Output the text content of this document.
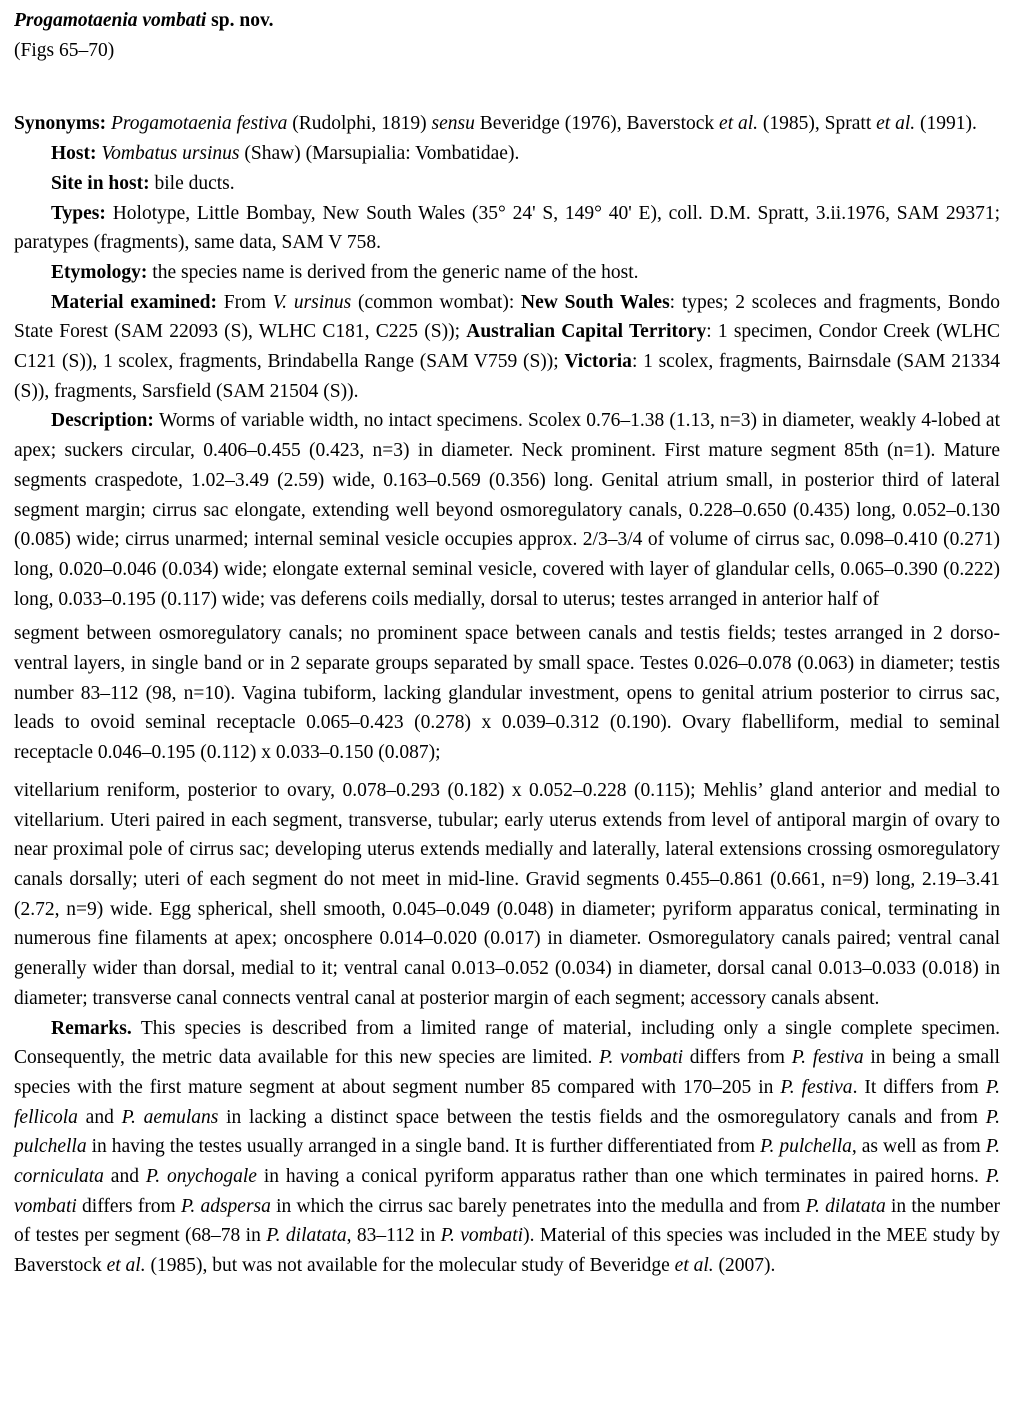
Progamotaenia vombati sp. nov.

(Figs 65–70)

Synonyms: Progamotaenia festiva (Rudolphi, 1819) sensu Beveridge (1976), Baverstock et al. (1985), Spratt et al. (1991).

Host: Vombatus ursinus (Shaw) (Marsupialia: Vombatidae).

Site in host: bile ducts.

Types: Holotype, Little Bombay, New South Wales (35° 24' S, 149° 40' E), coll. D.M. Spratt, 3.ii.1976, SAM 29371; paratypes (fragments), same data, SAM V 758.

Etymology: the species name is derived from the generic name of the host.

Material examined: From V. ursinus (common wombat): New South Wales: types; 2 scoleces and fragments, Bondo State Forest (SAM 22093 (S), WLHC C181, C225 (S)); Australian Capital Territory: 1 specimen, Condor Creek (WLHC C121 (S)), 1 scolex, fragments, Brindabella Range (SAM V759 (S)); Victoria: 1 scolex, fragments, Bairnsdale (SAM 21334 (S)), fragments, Sarsfield (SAM 21504 (S)).

Description: Worms of variable width, no intact specimens. Scolex 0.76–1.38 (1.13, n=3) in diameter, weakly 4-lobed at apex; suckers circular, 0.406–0.455 (0.423, n=3) in diameter. Neck prominent. First mature segment 85th (n=1). Mature segments craspedote, 1.02–3.49 (2.59) wide, 0.163–0.569 (0.356) long. Genital atrium small, in posterior third of lateral segment margin; cirrus sac elongate, extending well beyond osmoregulatory canals, 0.228–0.650 (0.435) long, 0.052–0.130 (0.085) wide; cirrus unarmed; internal seminal vesicle occupies approx. 2/3–3/4 of volume of cirrus sac, 0.098–0.410 (0.271) long, 0.020–0.046 (0.034) wide; elongate external seminal vesicle, covered with layer of glandular cells, 0.065–0.390 (0.222) long, 0.033–0.195 (0.117) wide; vas deferens coils medially, dorsal to uterus; testes arranged in anterior half of

segment between osmoregulatory canals; no prominent space between canals and testis fields; testes arranged in 2 dorso-ventral layers, in single band or in 2 separate groups separated by small space. Testes 0.026–0.078 (0.063) in diameter; testis number 83–112 (98, n=10). Vagina tubiform, lacking glandular investment, opens to genital atrium posterior to cirrus sac, leads to ovoid seminal receptacle 0.065–0.423 (0.278) x 0.039–0.312 (0.190). Ovary flabelliform, medial to seminal receptacle 0.046–0.195 (0.112) x 0.033–0.150 (0.087);

vitellarium reniform, posterior to ovary, 0.078–0.293 (0.182) x 0.052–0.228 (0.115); Mehlis’ gland anterior and medial to vitellarium. Uteri paired in each segment, transverse, tubular; early uterus extends from level of antiporal margin of ovary to near proximal pole of cirrus sac; developing uterus extends medially and laterally, lateral extensions crossing osmoregulatory canals dorsally; uteri of each segment do not meet in mid-line. Gravid segments 0.455–0.861 (0.661, n=9) long, 2.19–3.41 (2.72, n=9) wide. Egg spherical, shell smooth, 0.045–0.049 (0.048) in diameter; pyriform apparatus conical, terminating in numerous fine filaments at apex; oncosphere 0.014–0.020 (0.017) in diameter. Osmoregulatory canals paired; ventral canal generally wider than dorsal, medial to it; ventral canal 0.013–0.052 (0.034) in diameter, dorsal canal 0.013–0.033 (0.018) in diameter; transverse canal connects ventral canal at posterior margin of each segment; accessory canals absent.

Remarks. This species is described from a limited range of material, including only a single complete specimen. Consequently, the metric data available for this new species are limited. P. vombati differs from P. festiva in being a small species with the first mature segment at about segment number 85 compared with 170–205 in P. festiva. It differs from P. fellicola and P. aemulans in lacking a distinct space between the testis fields and the osmoregulatory canals and from P. pulchella in having the testes usually arranged in a single band. It is further differentiated from P. pulchella, as well as from P. corniculata and P. onychogale in having a conical pyriform apparatus rather than one which terminates in paired horns. P. vombati differs from P. adspersa in which the cirrus sac barely penetrates into the medulla and from P. dilatata in the number of testes per segment (68–78 in P. dilatata, 83–112 in P. vombati). Material of this species was included in the MEE study by Baverstock et al. (1985), but was not available for the molecular study of Beveridge et al. (2007).
